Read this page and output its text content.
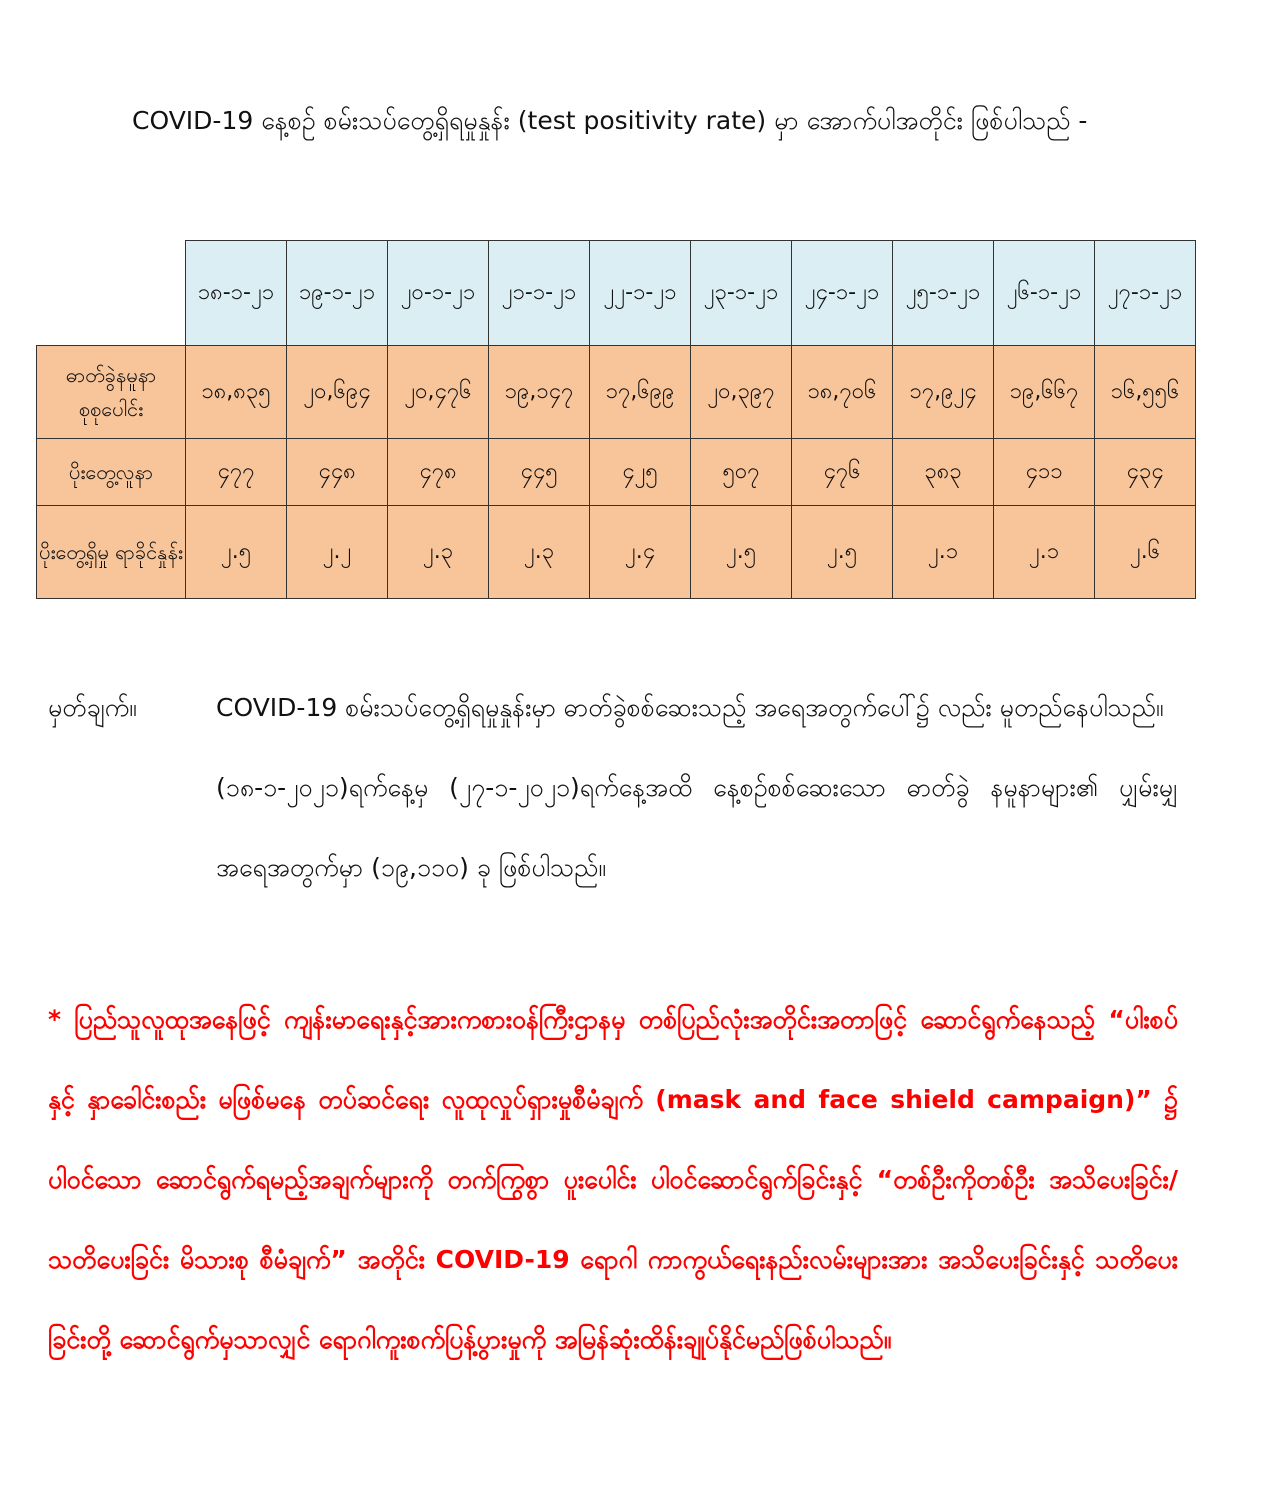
COVID-19 နေ့စဉ် စမ်းသပ်တွေ့ရှိရမှုနှုန်း (test positivity rate) မှာ အောက်ပါအတိုင်း ဖြစ်ပါသည် -
	၁၈-၁-၂၁	၁၉-၁-၂၁	၂၀-၁-၂၁	၂၁-၁-၂၁	၂၂-၁-၂၁	၂၃-၁-၂၁	၂၄-၁-၂၁	၂၅-၁-၂၁	၂၆-၁-၂၁	၂၇-၁-၂၁
ဓာတ်ခွဲနမူနာ စုစုပေါင်း	၁၈,၈၃၅	၂၀,၆၉၄	၂၀,၄၇၆	၁၉,၁၄၇	၁၇,၆၉၉	၂၀,၃၉၇	၁၈,၇၀၆	၁၇,၉၂၄	၁၉,၆၆၇	၁၆,၅၅၆
ပိုးတွေ့လူနာ	၄၇၇	၄၄၈	၄၇၈	၄၄၅	၄၂၅	၅၀၇	၄၇၆	၃၈၃	၄၁၁	၄၃၄
ပိုးတွေ့ရှိမှု ရာခိုင်နှုန်း	၂.၅	၂.၂	၂.၃	၂.၃	၂.၄	၂.၅	၂.၅	၂.၁	၂.၁	၂.၆
မှတ်ချက်။	COVID-19 စမ်းသပ်တွေ့ရှိရမှုနှုန်းမှာ ဓာတ်ခွဲစစ်ဆေးသည့် အရေအတွက်ပေါ်၌ လည်း မူတည်နေပါသည်။
(၁၈-၁-၂၀၂၁)ရက်နေ့မှ (၂၇-၁-၂၀၂၁)ရက်နေ့အထိ နေ့စဉ်စစ်ဆေးသော ဓာတ်ခွဲ နမူနာများ၏ ပျှမ်းမျှအရေအတွက်မှာ (၁၉,၁၁၀) ခု ဖြစ်ပါသည်။
* ပြည်သူလူထုအနေဖြင့် ကျန်းမာရေးနှင့်အားကစားဝန်ကြီးဌာနမှ တစ်ပြည်လုံးအတိုင်းအတာဖြင့် ဆောင်ရွက်နေသည့် “ပါးစပ်နှင့် နှာခေါင်းစည်း မဖြစ်မနေ တပ်ဆင်ရေး လူထုလှုပ်ရှားမှုစီမံချက် (mask and face shield campaign)” ၌ ပါဝင်သော ဆောင်ရွက်ရမည့်အချက်များကို တက်ကြွစွာ ပူးပေါင်း ပါဝင်ဆောင်ရွက်ခြင်းနှင့် “တစ်ဦးကိုတစ်ဦး အသိပေးခြင်း/ သတိပေးခြင်း မိသားစု စီမံချက်” အတိုင်း COVID-19 ရောဂါ ကာကွယ်ရေးနည်းလမ်းများအား အသိပေးခြင်းနှင့် သတိပေး ခြင်းတို့ ဆောင်ရွက်မှသာလျှင် ရောဂါကူးစက်ပြန့်ပွားမှုကို အမြန်ဆုံးထိန်းချုပ်နိုင်မည်ဖြစ်ပါသည်။
